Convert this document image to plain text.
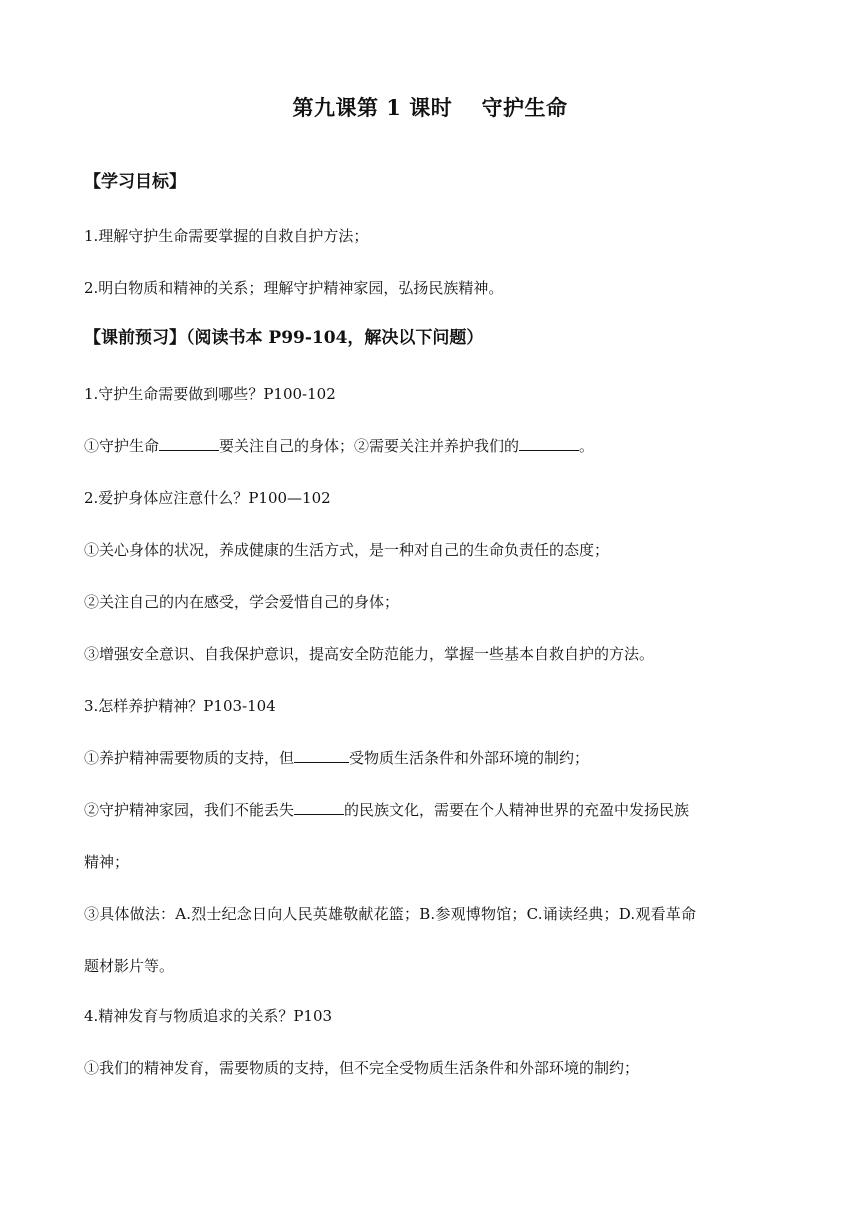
第九课第 1 课时　 守护生命
【学习目标】
1.理解守护生命需要掌握的自救自护方法；
2.明白物质和精神的关系；理解守护精神家园，弘扬民族精神。
【课前预习】（阅读书本 P99-104，解决以下问题）
1.守护生命需要做到哪些？P100-102
①守护生命	要关注自己的身体；②需要关注并养护我们的	。
2.爱护身体应注意什么？P100—102
①关心身体的状况，养成健康的生活方式，是一种对自己的生命负责任的态度；
②关注自己的内在感受，学会爱惜自己的身体；
③增强安全意识、自我保护意识，提高安全防范能力，掌握一些基本自救自护的方法。
3.怎样养护精神？P103-104
①养护精神需要物质的支持，但	受物质生活条件和外部环境的制约；
②守护精神家园，我们不能丢失	的民族文化，需要在个人精神世界的充盈中发扬民族
精神；
③具体做法：A.烈士纪念日向人民英雄敬献花篮；B.参观博物馆；C.诵读经典；D.观看革命
题材影片等。
4.精神发育与物质追求的关系？P103
①我们的精神发育，需要物质的支持，但不完全受物质生活条件和外部环境的制约；
